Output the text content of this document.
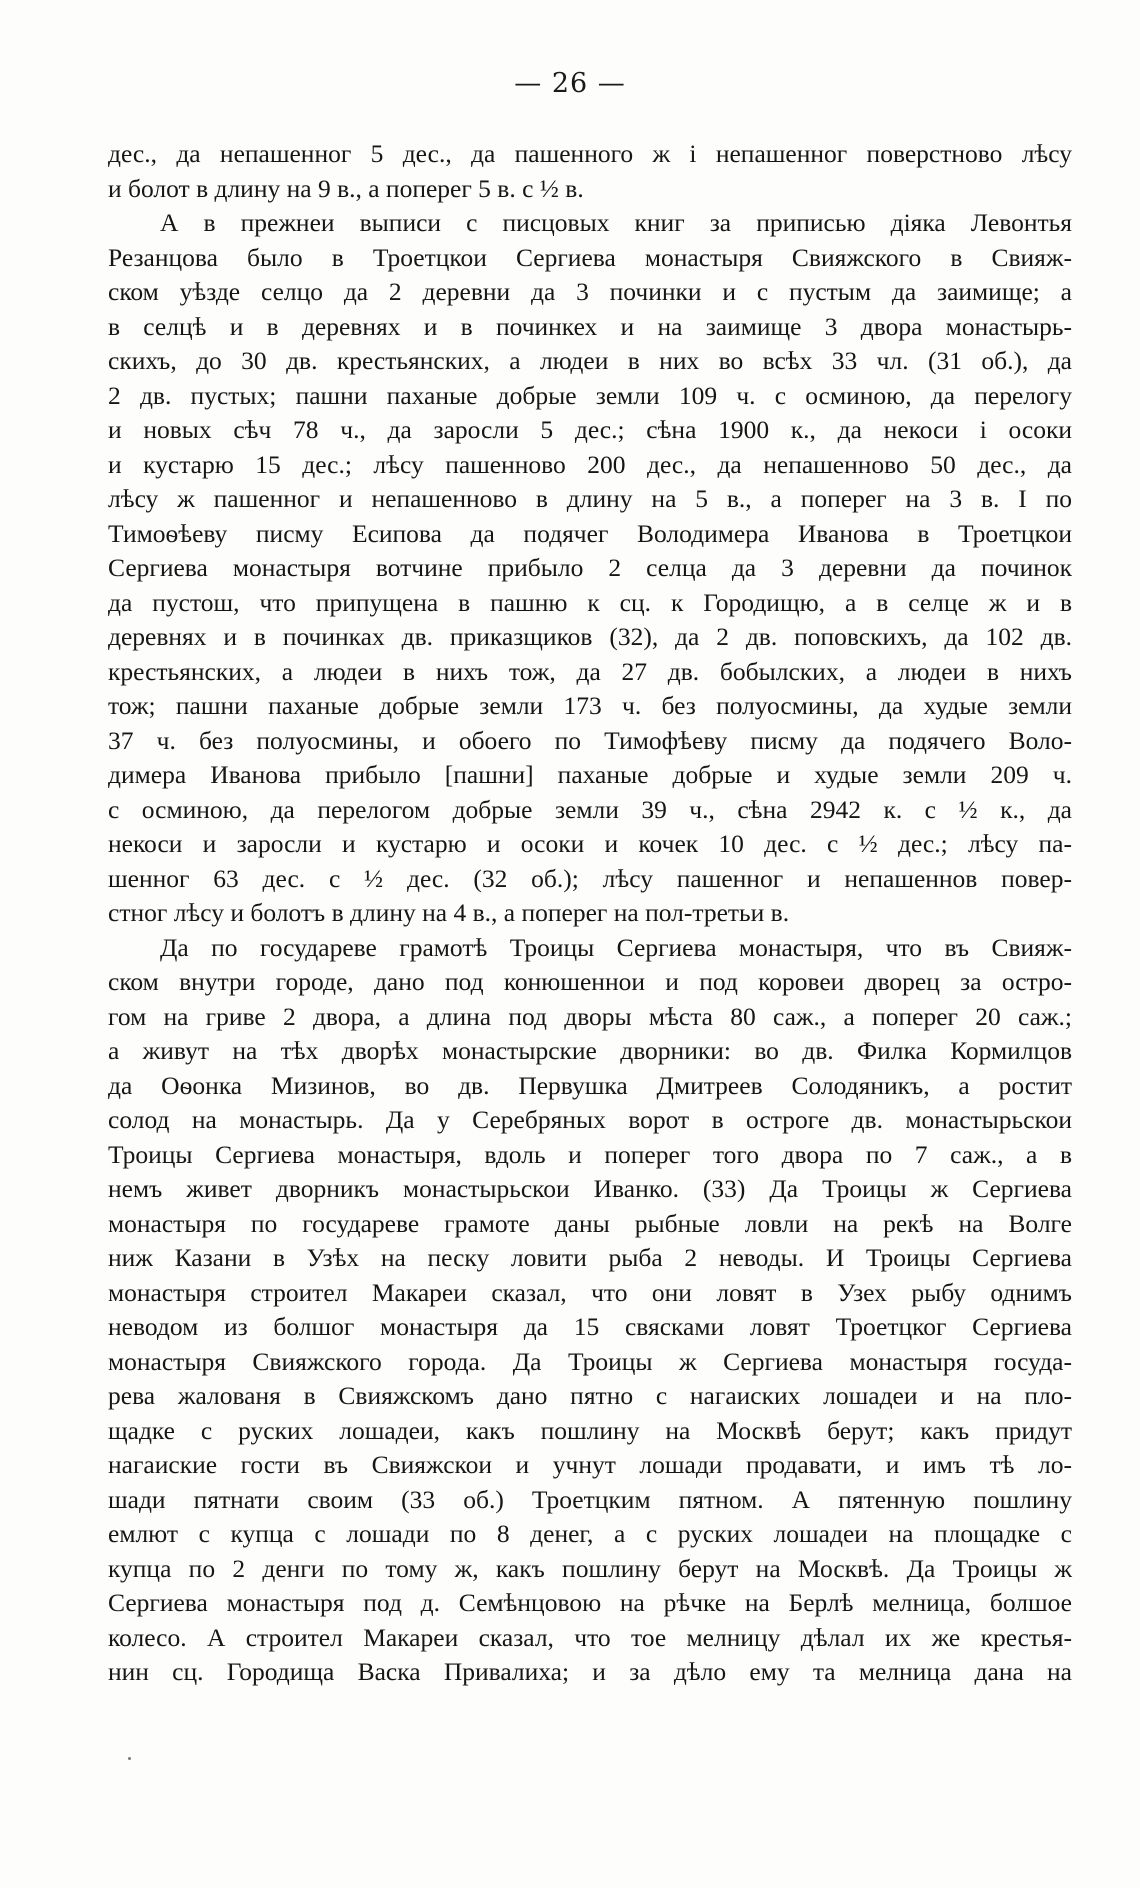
— 26 —
дес., да непашенног 5 дес., да пашенного ж і непашенног поверстново лѣсу
и болот в длину на 9 в., а поперег 5 в. с ½ в.
А в прежнеи выписи с писцовых книг за приписью дiяка Левонтья
Резанцова было в Троетцкои Сергиева монастыря Свияжского в Свияж-
ском уѣзде селцо да 2 деревни да 3 починки и с пустым да заимище; а
в селцѣ и в деревнях и в починкех и на заимище 3 двора монастырь-
скихъ, до 30 дв. крестьянских, а людеи в них во всѣх 33 чл. (31 об.), да
2 дв. пустых; пашни паханые добрые земли 109 ч. с осминою, да перелогу
и новых сѣч 78 ч., да заросли 5 дес.; сѣна 1900 к., да некоси і осоки
и кустарю 15 дес.; лѣсу пашенново 200 дес., да непашенново 50 дес., да
лѣсу ж пашенног и непашенново в длину на 5 в., а поперег на 3 в. І по
Тимоѳѣеву писму Есипова да подячег Володимера Иванова в Троетцкои
Сергиева монастыря вотчине прибыло 2 селца да 3 деревни да починок
да пустош, что припущена в пашню к сц. к Городищю, а в селце ж и в
деревнях и в починках дв. приказщиков (32), да 2 дв. поповскихъ, да 102 дв.
крестьянских, а людеи в нихъ тож, да 27 дв. бобылских, а людеи в нихъ
тож; пашни паханые добрые земли 173 ч. без полуосмины, да худые земли
37 ч. без полуосмины, и обоего по Тимофѣеву писму да подячего Воло-
димера Иванова прибыло [пашни] паханые добрые и худые земли 209 ч.
с осминою, да перелогом добрые земли 39 ч., сѣна 2942 к. с ½ к., да
некоси и заросли и кустарю и осоки и кочек 10 дес. с ½ дес.; лѣсу па-
шенног 63 дес. с ½ дес. (32 об.); лѣсу пашенног и непашеннов повер-
стног лѣсу и болотъ в длину на 4 в., а поперег на пол-третьи в.
Да по государеве грамотѣ Троицы Сергиева монастыря, что въ Свияж-
ском внутри городе, дано под конюшеннои и под коровеи дворец за остро-
гом на гриве 2 двора, а длина под дворы мѣста 80 саж., а поперег 20 саж.;
а живут на тѣх дворѣх монастырские дворники: во дв. Филка Кормилцов
да Оѳонка Мизинов, во дв. Первушка Дмитреев Солодяникъ, а ростит
солод на монастырь. Да у Серебряных ворот в остроге дв. монастырьскои
Троицы Сергиева монастыря, вдоль и поперег того двора по 7 саж., а в
немъ живет дворникъ монастырьскои Иванко. (33) Да Троицы ж Сергиева
монастыря по государеве грамоте даны рыбные ловли на рекѣ на Волге
ниж Казани в Узѣх на песку ловити рыба 2 неводы. И Троицы Сергиева
монастыря строител Макареи сказал, что они ловят в Узех рыбу однимъ
неводом из болшог монастыря да 15 свясками ловят Троетцког Сергиева
монастыря Свияжского города. Да Троицы ж Сергиева монастыря госуда-
рева жалованя в Свияжскомъ дано пятно с нагаиских лошадеи и на пло-
щадке с руских лошадеи, какъ пошлину на Москвѣ берут; какъ придут
нагаиские гости въ Свияжскои и учнут лошади продавати, и имъ тѣ ло-
шади пятнати своим (33 об.) Троетцким пятном. А пятенную пошлину
емлют с купца с лошади по 8 денег, а с руских лошадеи на площадке с
купца по 2 денги по тому ж, какъ пошлину берут на Москвѣ. Да Троицы ж
Сергиева монастыря под д. Семѣнцовою на рѣчке на Берлѣ мелница, болшое
колесо. А строител Макареи сказал, что тое мелницу дѣлал их же крестья-
нин сц. Городища Васка Привалиха; и за дѣло ему та мелница дана на
